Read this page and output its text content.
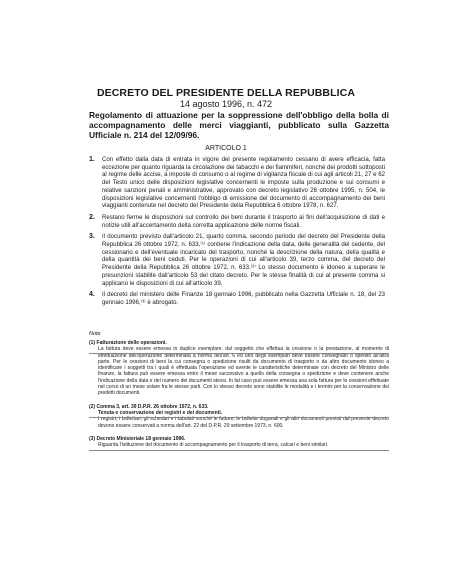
DECRETO DEL PRESIDENTE DELLA REPUBBLICA
14 agosto 1996, n. 472
Regolamento di attuazione per la soppressione dell'obbligo della bolla di accompagnamento delle merci viaggianti, pubblicato sulla Gazzetta Ufficiale n. 214 del 12/09/96.
ARTICOLO 1
1. Con effetto dalla data di entrata in vigore del presente regolamento cessano di avere efficacia, fatta eccezione per quanto riguarda la circolazione dei tabacchi e dei fiammiferi, nonché dei prodotti sottoposti al regime delle accise, a imposte di consumo o al regime di vigilanza fiscale di cui agli articoli 21, 27 e 62 del Testo unico delle disposizioni legislative concernenti le imposte sulla produzione e sui consumi e relative sanzioni penali e amministrative, approvato con decreto legislativo 26 ottobre 1995, n. 504, le disposizioni legislative concernenti l'obbligo di emissione del documento di accompagnamento dei beni viaggianti contenute nel decreto del Presidente della Repubblica 6 ottobre 1978, n. 627.
2. Restano ferme le disposizioni sul controllo dei beni durante il trasporto ai fini dell'acquisizione di dati e notizie utili all'accertamento della corretta applicazione delle norme fiscali.
3. Il documento previsto dall'articolo 21, quarto comma, secondo periodo del decreto del Presidente della Repubblica 26 ottobre 1972, n. 633,⁽¹⁾ contiene l'indicazione della data, delle generalità del cedente, del cessionario e dell'eventuale incaricato del trasporto, nonché la descrizione della natura, della qualità e della quantità dei beni ceduti. Per le operazioni di cui all'articolo 39, terzo comma, del decreto del Presidente della Repubblica 26 ottobre 1972, n. 633.⁽²⁾ Lo stesso documento è idoneo a superare le presunzioni stabilite dall'articolo 53 del citato decreto. Per le stesse finalità di cui al presente comma si applicano le disposizioni di cui all'articolo 39.
4. Il decreto del ministero delle Finanze 18 gennaio 1996, pubblicato nella Gazzetta Ufficiale n. 18, del 23 gennaio 1996,⁽³⁾ è abrogato.
Note
(1) Fatturazione delle operazioni.
La fattura deve essere emessa in duplice esemplare, dal soggetto che effettua la cessione o la prestazione, al momento di effettuazione dell'operazione determinata a norma dell'art. 6 ed uno degli esemplari deve essere consegnato o spedito all'altra parte. Per le cessioni di beni la cui consegna o spedizione risulti da documento di trasporto o da altro documento idoneo a identificare i soggetti tra i quali è effettuata l'operazione ed avente le caratteristiche determinate con decreto del Ministro delle finanze, la fattura può essere emessa entro il mese successivo a quello della consegna o spedizione e deve contenere anche l'indicazione della data e del numero dei documenti stessi. In tal caso può essere emessa una sola fattura per le cessioni effettuate nel corso di un mese solare fra le stesse parti. Con lo stesso decreto sono stabilite le modalità e i termini per la conservazione dei predetti documenti.
(2) Comma 3, art. 39 D.P.R. 26 ottobre 1972, n. 633.
Tenuta e conservazione dei registri e dei documenti.
I registri, i bollettari, gli schedari e i tabulati nonché le fatture, le bollette doganali e gli altri documenti previsti dal presente decreto devono essere conservati a norma dell'art. 22 del D.P.R. 29 settembre 1973, n. 600.
(3) Decreto Ministeriale 18 gennaio 1996.
Riguarda l'istituzione del documento di accompagnamento per il trasporto di terra, calcari e beni similari.
